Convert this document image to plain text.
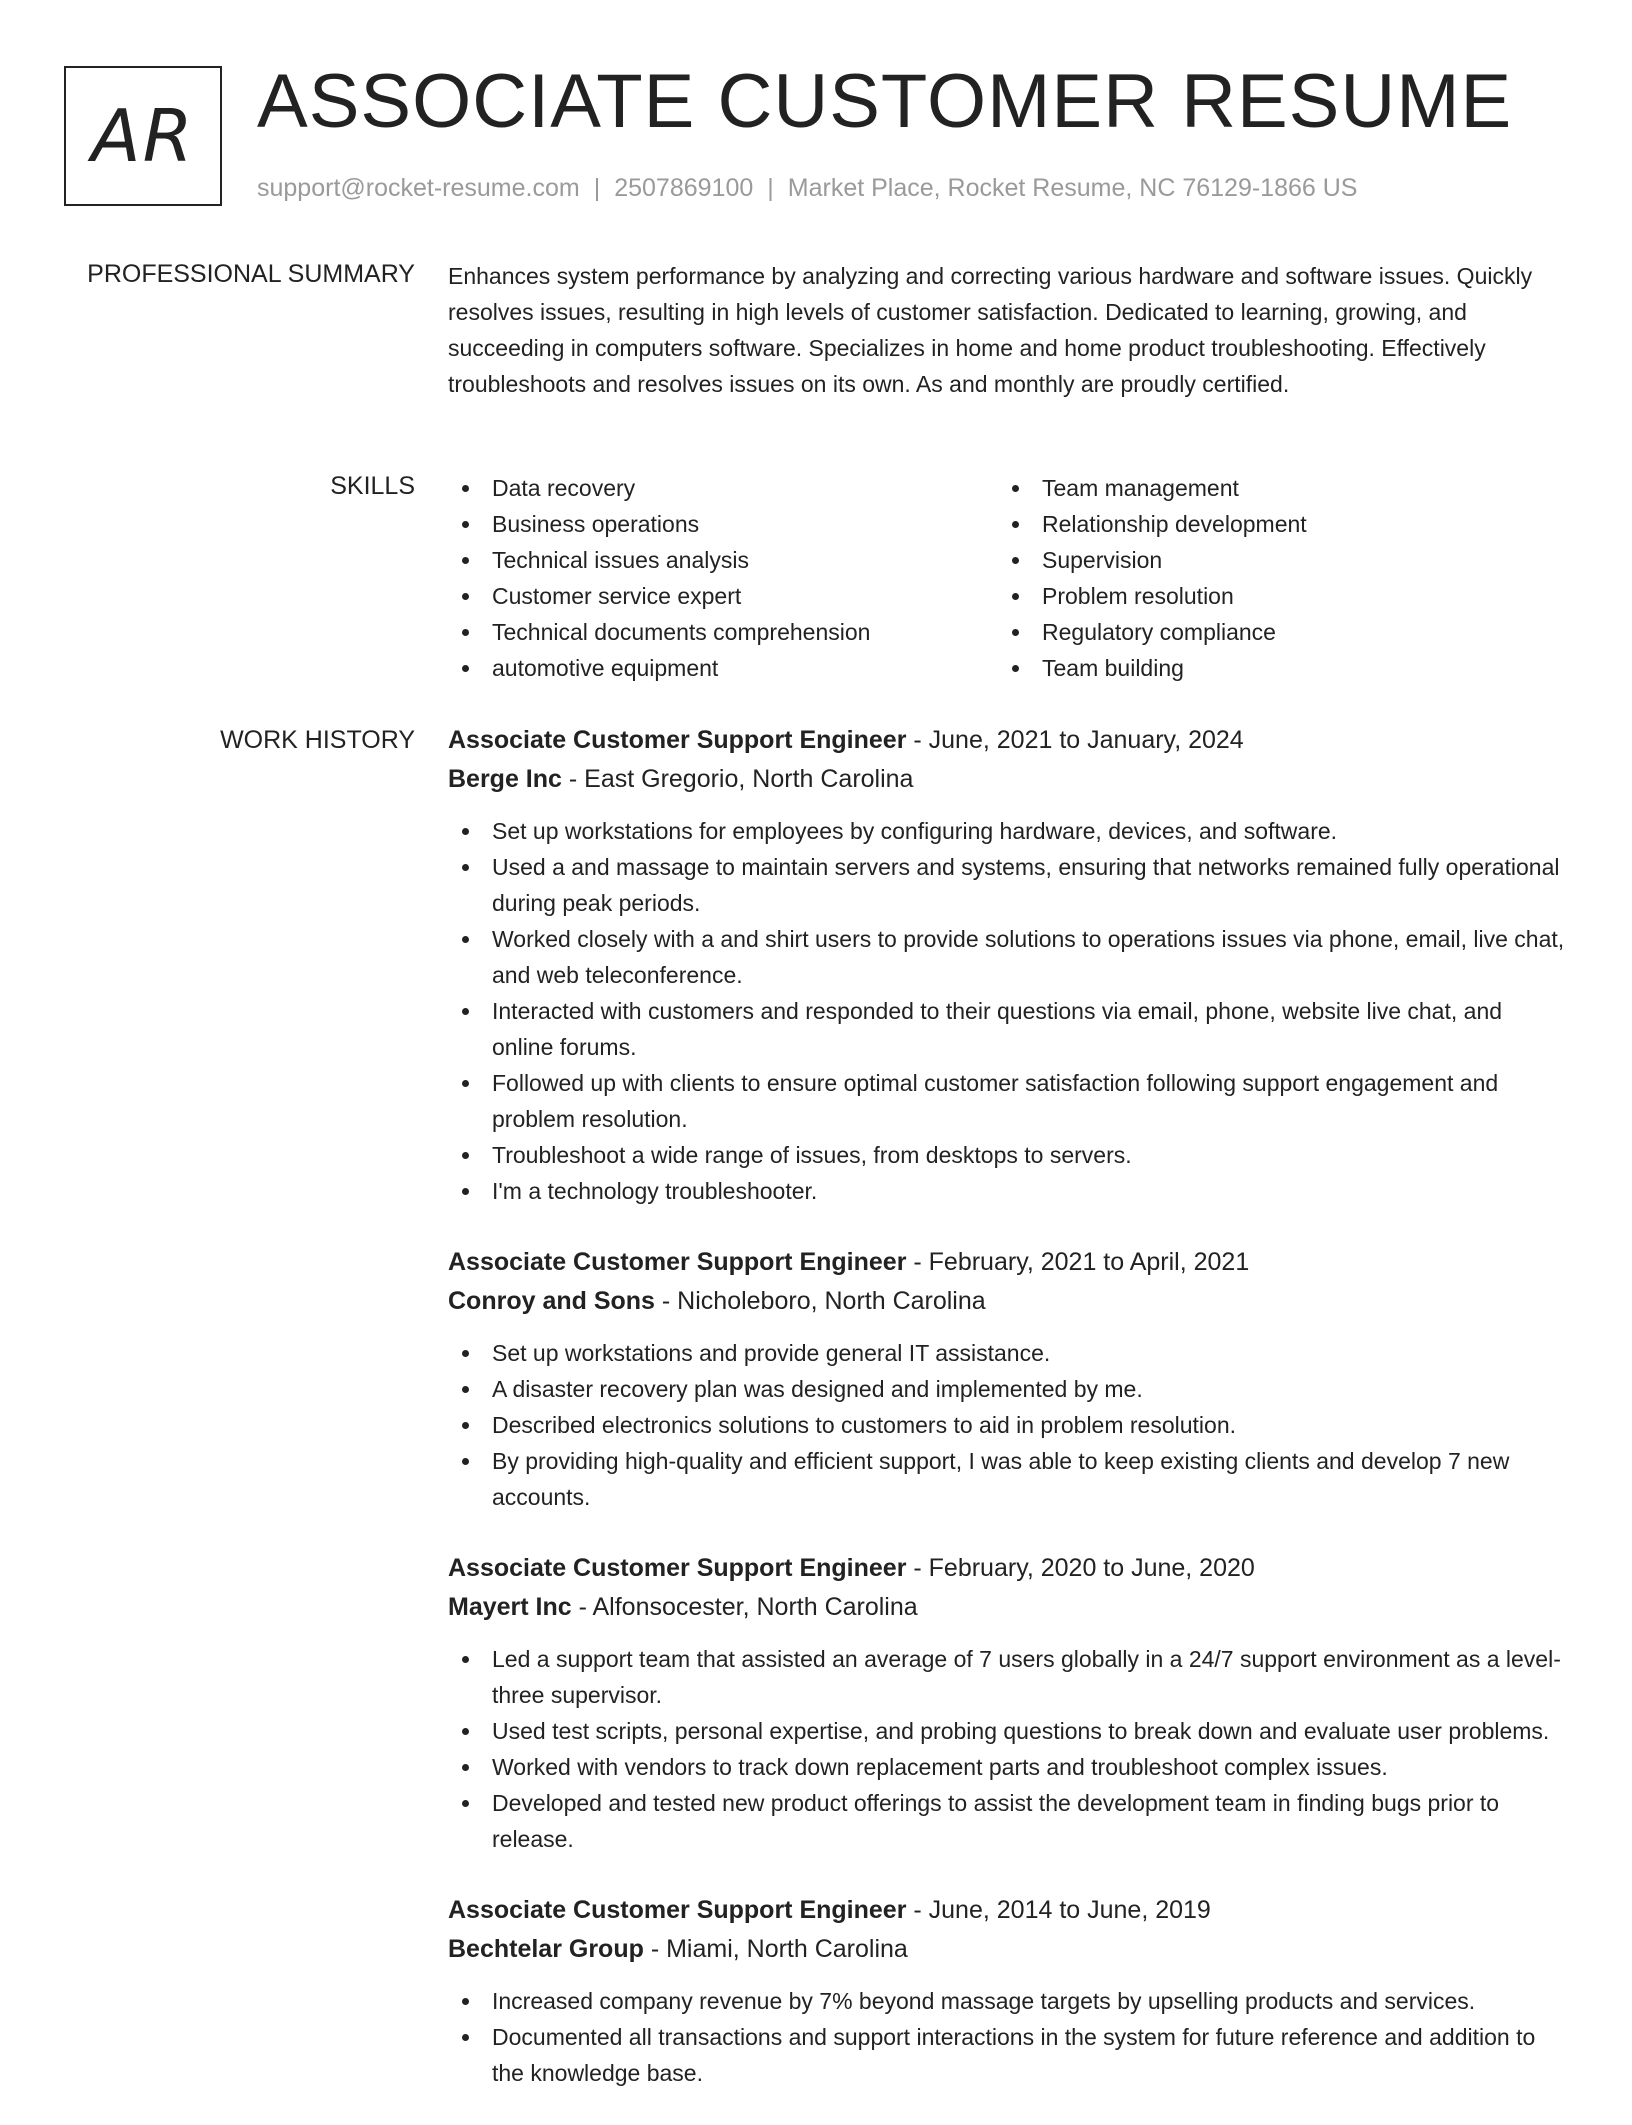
AR ASSOCIATE CUSTOMER RESUME
support@rocket-resume.com | 2507869100 | Market Place, Rocket Resume, NC 76129-1866 US
PROFESSIONAL SUMMARY Enhances system performance by analyzing and correcting various hardware and software issues. Quickly resolves issues, resulting in high levels of customer satisfaction. Dedicated to learning, growing, and succeeding in computers software. Specializes in home and home product troubleshooting. Effectively troubleshoots and resolves issues on its own. As and monthly are proudly certified.

SKILLS	Data recovery
Business operations
Technical issues analysis
Customer service expert
Technical documents comprehension
automotive equipment
Team management
Relationship development
Supervision
Problem resolution
Regulatory compliance
Team building
WORK HISTORY Associate Customer Support Engineer - June, 2021 to January, 2024
Berge Inc - East Gregorio, North Carolina
Set up workstations for employees by configuring hardware, devices, and software.
Used a and massage to maintain servers and systems, ensuring that networks remained fully operational during peak periods.
Worked closely with a and shirt users to provide solutions to operations issues via phone, email, live chat, and web teleconference.
Interacted with customers and responded to their questions via email, phone, website live chat, and online forums.
Followed up with clients to ensure optimal customer satisfaction following support engagement and problem resolution.
Troubleshoot a wide range of issues, from desktops to servers.
I'm a technology troubleshooter.
Associate Customer Support Engineer - February, 2021 to April, 2021
Conroy and Sons - Nicholeboro, North Carolina
Set up workstations and provide general IT assistance.
A disaster recovery plan was designed and implemented by me.
Described electronics solutions to customers to aid in problem resolution.
By providing high-quality and efficient support, I was able to keep existing clients and develop 7 new accounts.
Associate Customer Support Engineer - February, 2020 to June, 2020
Mayert Inc - Alfonsocester, North Carolina
Led a support team that assisted an average of 7 users globally in a 24/7 support environment as a level-three supervisor.
Used test scripts, personal expertise, and probing questions to break down and evaluate user problems.
Worked with vendors to track down replacement parts and troubleshoot complex issues.
Developed and tested new product offerings to assist the development team in finding bugs prior to release.
Associate Customer Support Engineer - June, 2014 to June, 2019
Bechtelar Group - Miami, North Carolina
Increased company revenue by 7% beyond massage targets by upselling products and services.
Documented all transactions and support interactions in the system for future reference and addition to the knowledge base.
